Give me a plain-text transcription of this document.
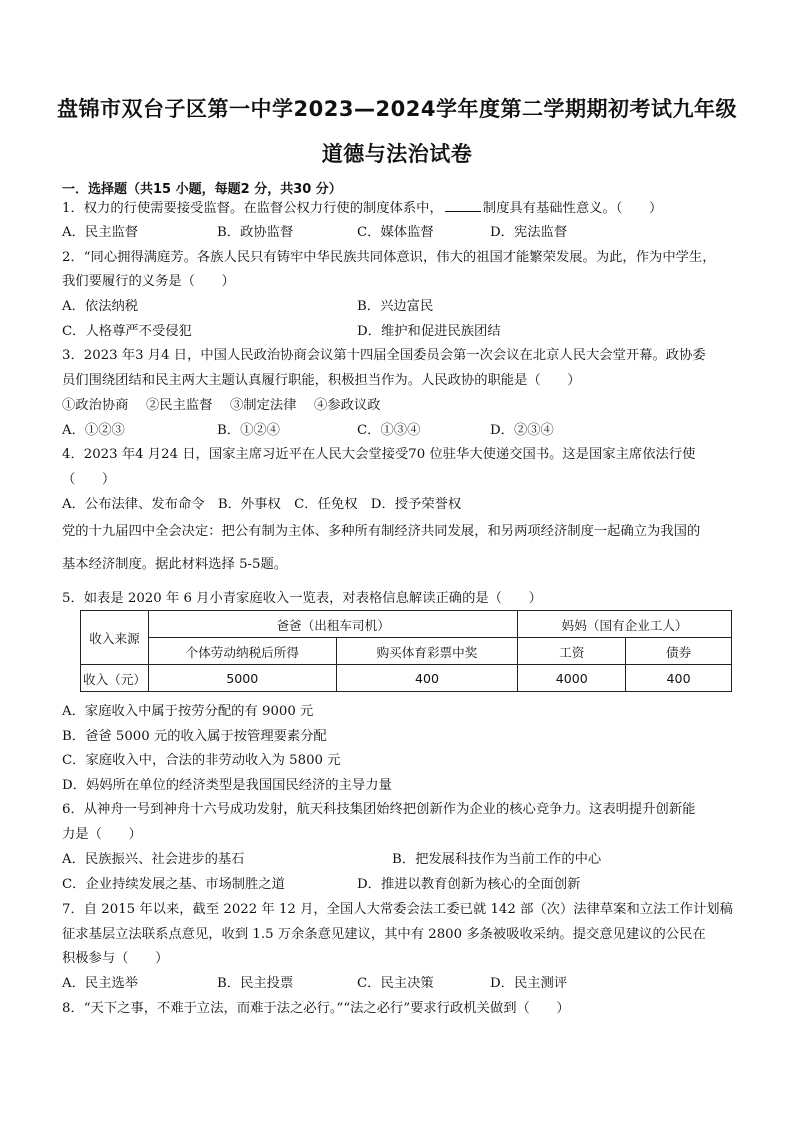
盘锦市双台子区第一中学2023—2024学年度第二学期期初考试九年级
道德与法治试卷
一．选择题（共15 小题，每题2 分，共30 分）
1．权力的行使需要接受监督。在监督公权力行使的制度体系中，	制度具有基础性意义。（　　）
A．民主监督	B．政协监督	C．媒体监督	D．宪法监督
2．“同心拥得满庭芳。各族人民只有铸牢中华民族共同体意识，伟大的祖国才能繁荣发展。为此，作为中学生，
我们要履行的义务是（　　）
A．依法纳税	B．兴边富民
C．人格尊严不受侵犯	D．维护和促进民族团结
3．2023 年3 月4 日，中国人民政治协商会议第十四届全国委员会第一次会议在北京人民大会堂开幕。政协委
员们围绕团结和民主两大主题认真履行职能，积极担当作为。人民政协的职能是（　　）
①政治协商　 ②民主监督　 ③制定法律　 ④参政议政
A．①②③	B．①②④	C．①③④	D．②③④
4．2023 年4 月24 日，国家主席习近平在人民大会堂接受70 位驻华大使递交国书。这是国家主席依法行使
（　　）
A．公布法律、发布命令　B．外事权　C．任免权　D．授予荣誉权
党的十九届四中全会决定：把公有制为主体、多种所有制经济共同发展，和另两项经济制度一起确立为我国的
基本经济制度。据此材料选择 5-5题。
5．如表是 2020 年 6 月小青家庭收入一览表，对表格信息解读正确的是（　　）
收入来源	爸爸（出租车司机）		妈妈（国有企业工人）	
	个体劳动纳税后所得	购买体育彩票中奖	工资	债券
收入（元）	5000	400	4000	400
A．家庭收入中属于按劳分配的有 9000 元
B．爸爸 5000 元的收入属于按管理要素分配
C．家庭收入中，合法的非劳动收入为 5800 元
D．妈妈所在单位的经济类型是我国国民经济的主导力量
6．从神舟一号到神舟十六号成功发射，航天科技集团始终把创新作为企业的核心竞争力。这表明提升创新能
力是（　　）
A．民族振兴、社会进步的基石	B．把发展科技作为当前工作的中心
C．企业持续发展之基、市场制胜之道	D．推进以教育创新为核心的全面创新
7．自 2015 年以来，截至 2022 年 12 月，全国人大常委会法工委已就 142 部（次）法律草案和立法工作计划稿
征求基层立法联系点意见，收到 1.5 万余条意见建议，其中有 2800 多条被吸收采纳。提交意见建议的公民在
积极参与（　　）
A．民主选举	B．民主投票	C．民主决策	D．民主测评
8．“天下之事，不难于立法，而难于法之必行。”“法之必行”要求行政机关做到（　　）
